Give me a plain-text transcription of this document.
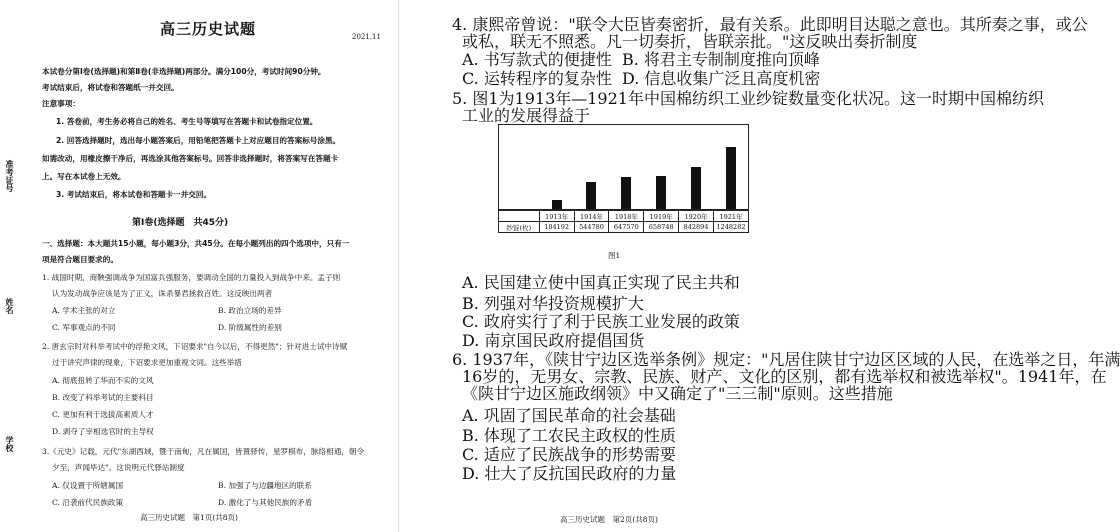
准考证号
姓名
学校
高三历史试题	2021.11
本试卷分第Ⅰ卷(选择题)和第Ⅱ卷(非选择题)两部分。满分100分，考试时间90分钟。
考试结束后，将试卷和答题纸一并交回。
注意事项：
1. 答卷前，考生务必将自己的姓名、考生号等填写在答题卡和试卷指定位置。
2. 回答选择题时，选出每小题答案后，用铅笔把答题卡上对应题目的答案标号涂黑。
如需改动，用橡皮擦干净后，再选涂其他答案标号。回答非选择题时，将答案写在答题卡
上。写在本试卷上无效。
3. 考试结束后，将本试卷和答题卡一并交回。
第Ⅰ卷(选择题　共45分)
一、选择题：本大题共15小题，每小题3分，共45分。在每小题列出的四个选项中，只有一
项是符合题目要求的。
1. 战国时期，商鞅强调战争为国富兵强服务，要调动全国的力量投入到战争中来。孟子则
认为发动战争应该是为了正义，诛杀暴君拯救百姓。这反映出两者
A. 学术主张的对立	B. 政治立场的差异
C. 军事观点的不同	D. 阶级属性的差别
2. 唐玄宗时对科举考试中的浮艳文风，下诏要求"自今以后，不得更然"；针对进士试中诗赋
过于讲究声律的现象，下诏要求更加重视文词。这些举措
A. 彻底扭转了华而不实的文风
B. 改变了科举考试的主要科目
C. 更加有利于选拔高素质人才
D. 剥夺了宰相选官时的主导权
3.《元史》记载，元代"东湖西域，暨于南甸，凡在属国，皆置驿传，星罗棋布，脉络相通，朝令
夕至，声闻毕达"。这说明元代驿站制度
A. 仅设置于所辖属国	B. 加强了与边疆地区的联系
C. 沿袭前代民族政策	D. 激化了与其他民族的矛盾
高三历史试题　第1页(共8页)
4. 康熙帝曾说："联令大臣皆奏密折，最有关系。此即明目达聪之意也。其所奏之事，或公
或私，联无不照悉。凡一切奏折，皆联亲批。"这反映出奏折制度
A. 书写款式的便捷性 B. 将君主专制制度推向顶峰
C. 运转程序的复杂性 D. 信息收集广泛且高度机密
5. 图1为1913年—1921年中国棉纺织工业纱锭数量变化状况。这一时期中国棉纺织
工业的发展得益于
	1913年	1914年	1918年	1919年	1920年	1921年
纱锭(枚)	184192	544780	647570	658748	842894	1248282
图1
A. 民国建立使中国真正实现了民主共和
B. 列强对华投资规模扩大
C. 政府实行了利于民族工业发展的政策
D. 南京国民政府提倡国货
6. 1937年，《陕甘宁边区选举条例》规定："凡居住陕甘宁边区区域的人民，在选举之日，年满
16岁的，无男女、宗教、民族、财产、文化的区别，都有选举权和被选举权"。1941年，在
《陕甘宁边区施政纲领》中又确定了"三三制"原则。这些措施
A. 巩固了国民革命的社会基础
B. 体现了工农民主政权的性质
C. 适应了民族战争的形势需要
D. 壮大了反抗国民政府的力量
高三历史试题　第2页(共8页)
